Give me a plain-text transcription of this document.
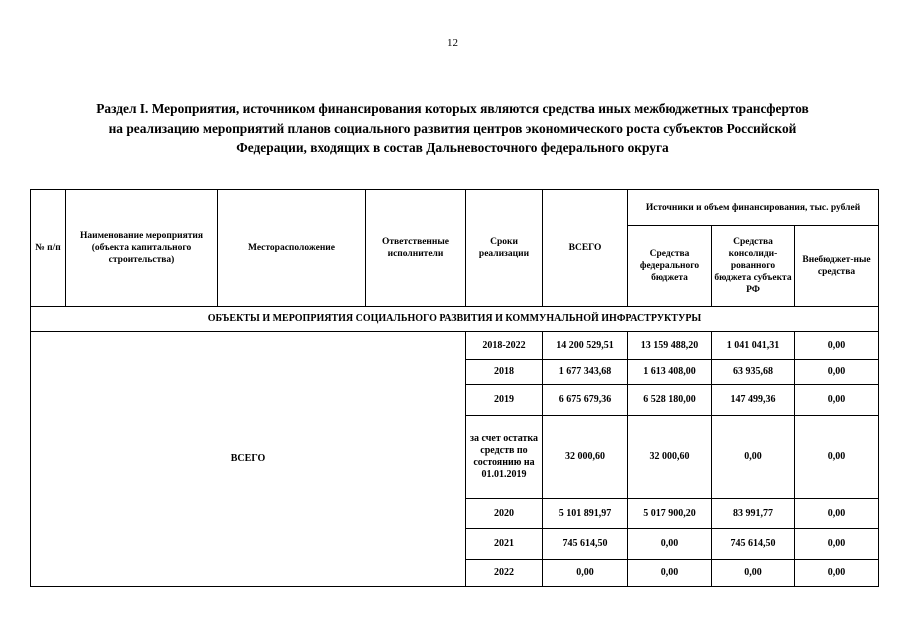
12
Раздел I. Мероприятия, источником финансирования которых являются средства иных межбюджетных трансфертов
на реализацию мероприятий планов социального развития центров экономического роста субъектов Российской
Федерации, входящих в состав Дальневосточного федерального округа
№ п/п	Наименование мероприятия (объекта капитального строительства)	Месторасположение	Ответственные исполнители	Сроки реализации	ВСЕГО	Источники и объем финансирования, тыс. рублей		
						Средства федерального бюджета	Средства консолиди-рованного бюджета субъекта РФ	Внебюджет-ные средства
ОБЪЕКТЫ И МЕРОПРИЯТИЯ СОЦИАЛЬНОГО РАЗВИТИЯ И КОММУНАЛЬНОЙ ИНФРАСТРУКТУРЫ								
ВСЕГО				2018-2022	14 200 529,51	13 159 488,20	1 041 041,31	0,00
				2018	1 677 343,68	1 613 408,00	63 935,68	0,00
				2019	6 675 679,36	6 528 180,00	147 499,36	0,00
				за счет остатка средств по состоянию на 01.01.2019	32 000,60	32 000,60	0,00	0,00
				2020	5 101 891,97	5 017 900,20	83 991,77	0,00
				2021	745 614,50	0,00	745 614,50	0,00
				2022	0,00	0,00	0,00	0,00
